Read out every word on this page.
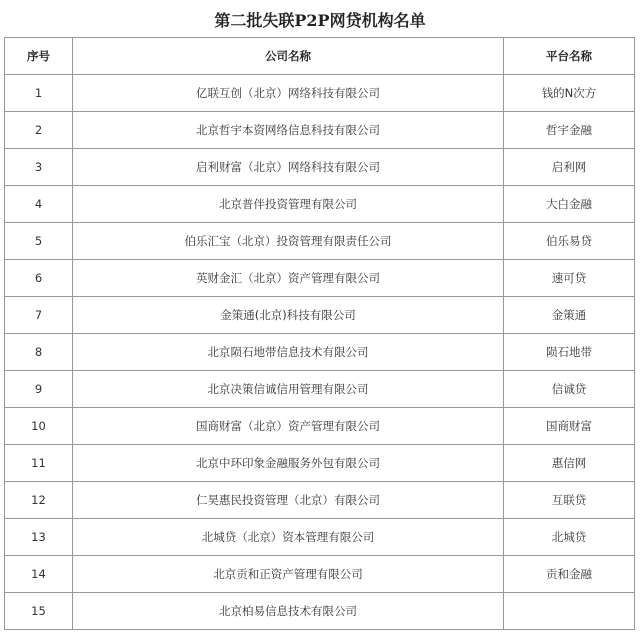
第二批失联P2P网贷机构名单
序号	公司名称	平台名称
1	亿联互创（北京）网络科技有限公司	钱的N次方
2	北京哲宇本资网络信息科技有限公司	哲宇金融
3	启利财富（北京）网络科技有限公司	启利网
4	北京普伴投资管理有限公司	大白金融
5	伯乐汇宝（北京）投资管理有限责任公司	伯乐易贷
6	英财金汇（北京）资产管理有限公司	速可贷
7	金策通(北京)科技有限公司	金策通
8	北京陨石地带信息技术有限公司	陨石地带
9	北京决策信诚信用管理有限公司	信诚贷
10	国商财富（北京）资产管理有限公司	国商财富
11	北京中环印象金融服务外包有限公司	惠信网
12	仁昊惠民投资管理（北京）有限公司	互联贷
13	北城贷（北京）资本管理有限公司	北城贷
14	北京贡和正资产管理有限公司	贡和金融
15	北京柏易信息技术有限公司	
